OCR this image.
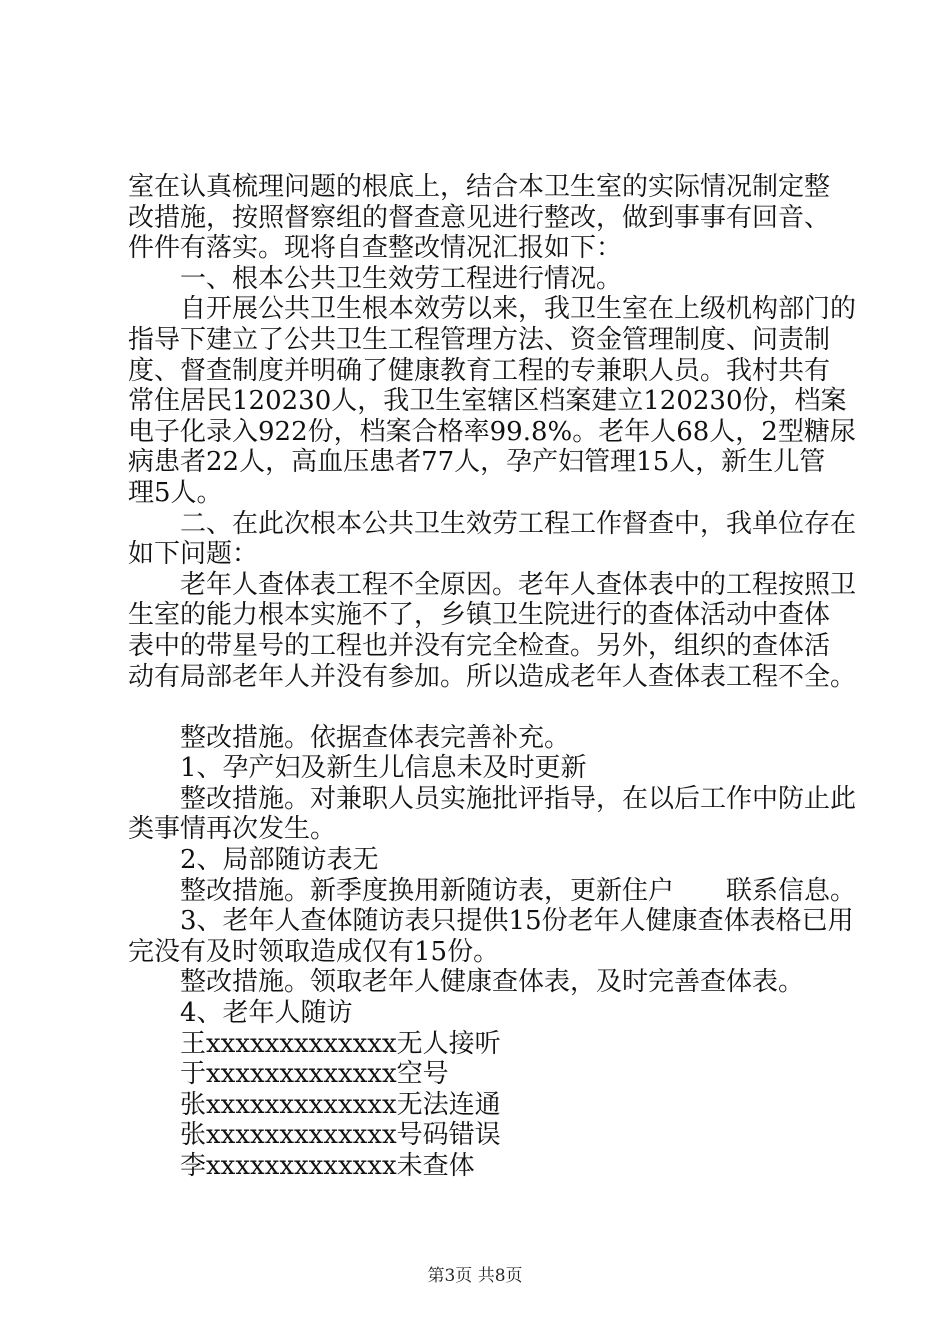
室在认真梳理问题的根底上，结合本卫生室的实际情况制定整

改措施，按照督察组的督查意见进行整改，做到事事有回音、

件件有落实。现将自查整改情况汇报如下：

　　一、根本公共卫生效劳工程进行情况。

　　自开展公共卫生根本效劳以来，我卫生室在上级机构部门的

指导下建立了公共卫生工程管理方法、资金管理制度、问责制

度、督查制度并明确了健康教育工程的专兼职人员。我村共有

常住居民120230人，我卫生室辖区档案建立120230份，档案

电子化录入922份，档案合格率99.8%。老年人68人，2型糖尿

病患者22人，高血压患者77人，孕产妇管理15人，新生儿管

理5人。

　　二、在此次根本公共卫生效劳工程工作督查中，我单位存在

如下问题：

　　老年人查体表工程不全原因。老年人查体表中的工程按照卫

生室的能力根本实施不了，乡镇卫生院进行的查体活动中查体

表中的带星号的工程也并没有完全检查。另外，组织的查体活

动有局部老年人并没有参加。所以造成老年人查体表工程不全。

　　整改措施。依据查体表完善补充。

　　1、孕产妇及新生儿信息未及时更新

　　整改措施。对兼职人员实施批评指导，在以后工作中防止此

类事情再次发生。

　　2、局部随访表无

　　整改措施。新季度换用新随访表，更新住户　　联系信息。

　　3、老年人查体随访表只提供15份老年人健康查体表格已用

完没有及时领取造成仅有15份。

　　整改措施。领取老年人健康查体表，及时完善查体表。

　　4、老年人随访

　　王xxxxxxxxxxxxx无人接听

　　于xxxxxxxxxxxxx空号

　　张xxxxxxxxxxxxx无法连通

　　张xxxxxxxxxxxxx号码错误

　　李xxxxxxxxxxxxx未查体

第3页 共8页
